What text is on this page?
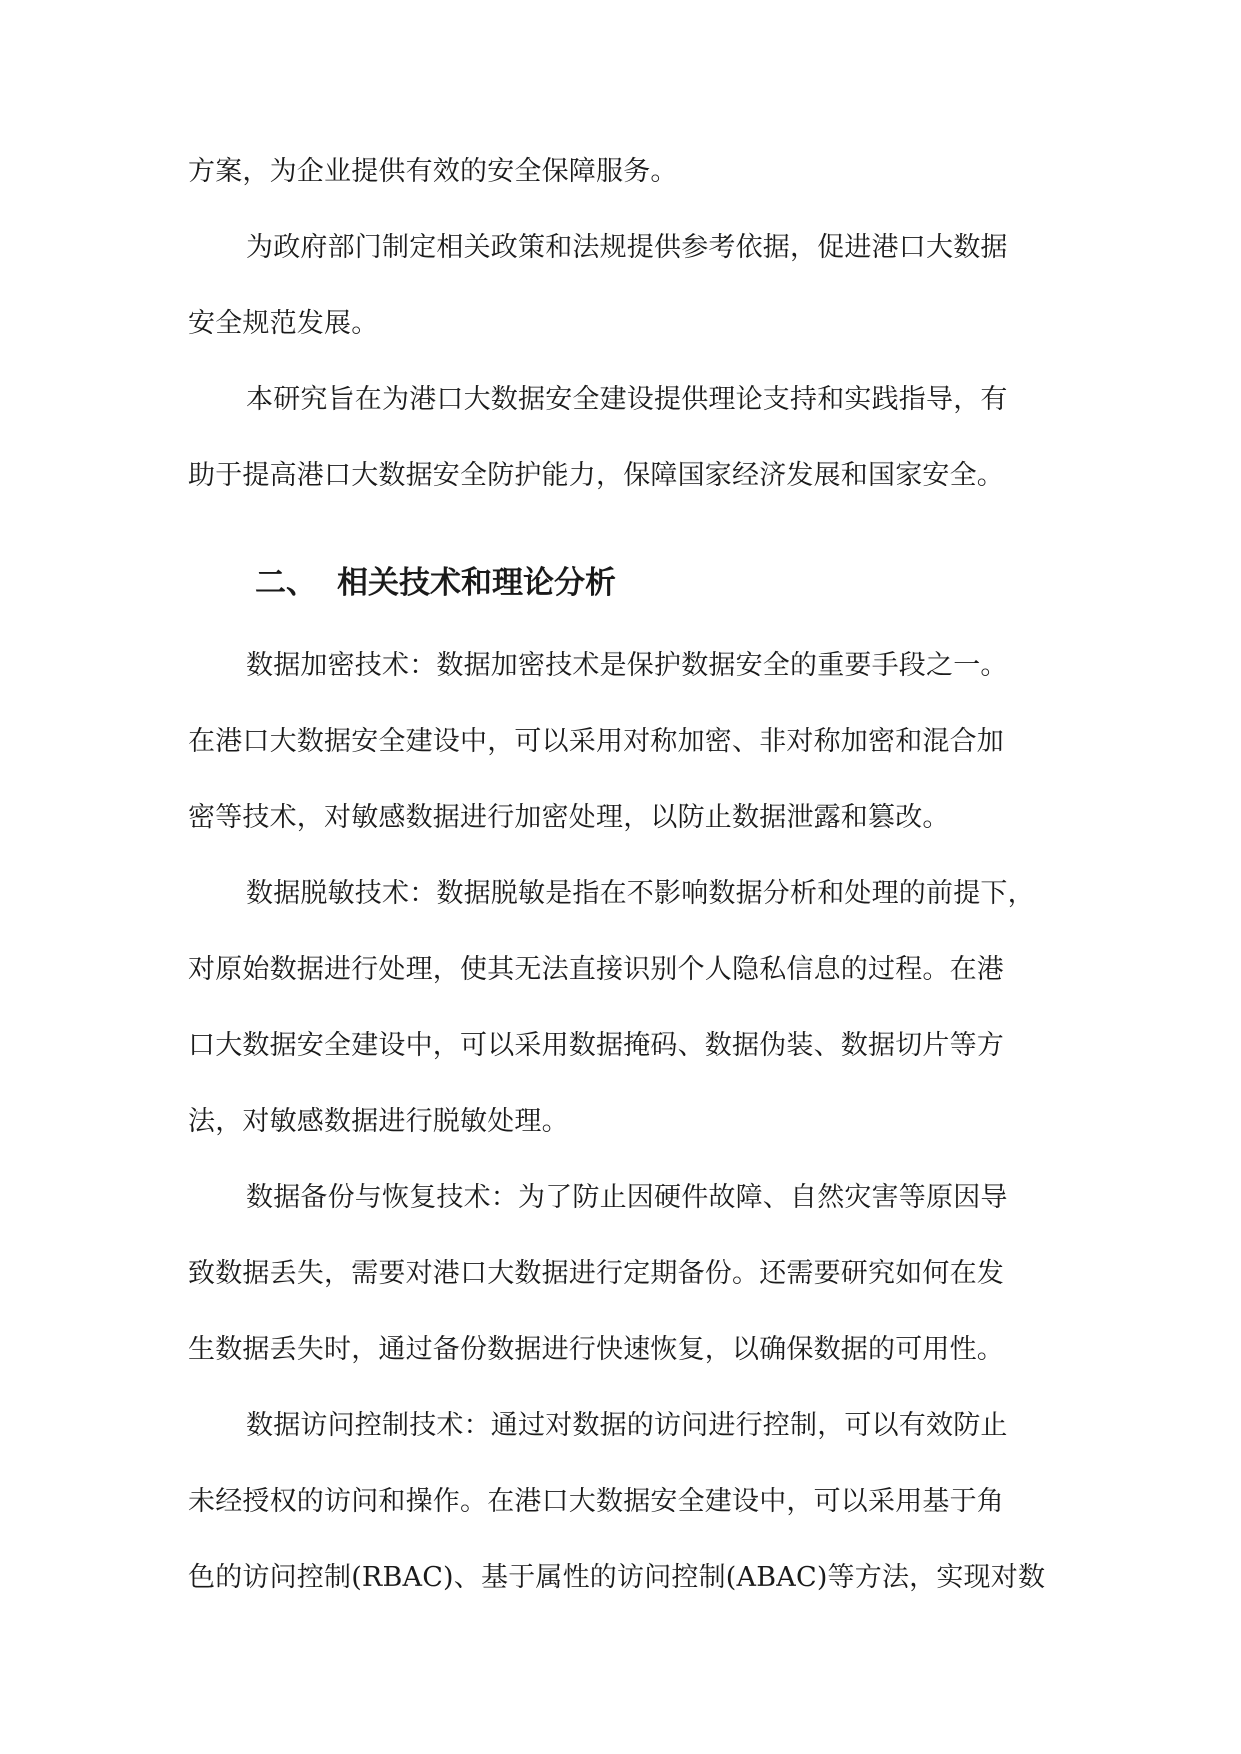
方案，为企业提供有效的安全保障服务。
为政府部门制定相关政策和法规提供参考依据，促进港口大数据
安全规范发展。
本研究旨在为港口大数据安全建设提供理论支持和实践指导，有
助于提高港口大数据安全防护能力，保障国家经济发展和国家安全。
二、 相关技术和理论分析
数据加密技术：数据加密技术是保护数据安全的重要手段之一。
在港口大数据安全建设中，可以采用对称加密、非对称加密和混合加
密等技术，对敏感数据进行加密处理，以防止数据泄露和篡改。
数据脱敏技术：数据脱敏是指在不影响数据分析和处理的前提下，
对原始数据进行处理，使其无法直接识别个人隐私信息的过程。在港
口大数据安全建设中，可以采用数据掩码、数据伪装、数据切片等方
法，对敏感数据进行脱敏处理。
数据备份与恢复技术：为了防止因硬件故障、自然灾害等原因导
致数据丢失，需要对港口大数据进行定期备份。还需要研究如何在发
生数据丢失时，通过备份数据进行快速恢复，以确保数据的可用性。
数据访问控制技术：通过对数据的访问进行控制，可以有效防止
未经授权的访问和操作。在港口大数据安全建设中，可以采用基于角
色的访问控制(RBAC)、基于属性的访问控制(ABAC)等方法，实现对数
